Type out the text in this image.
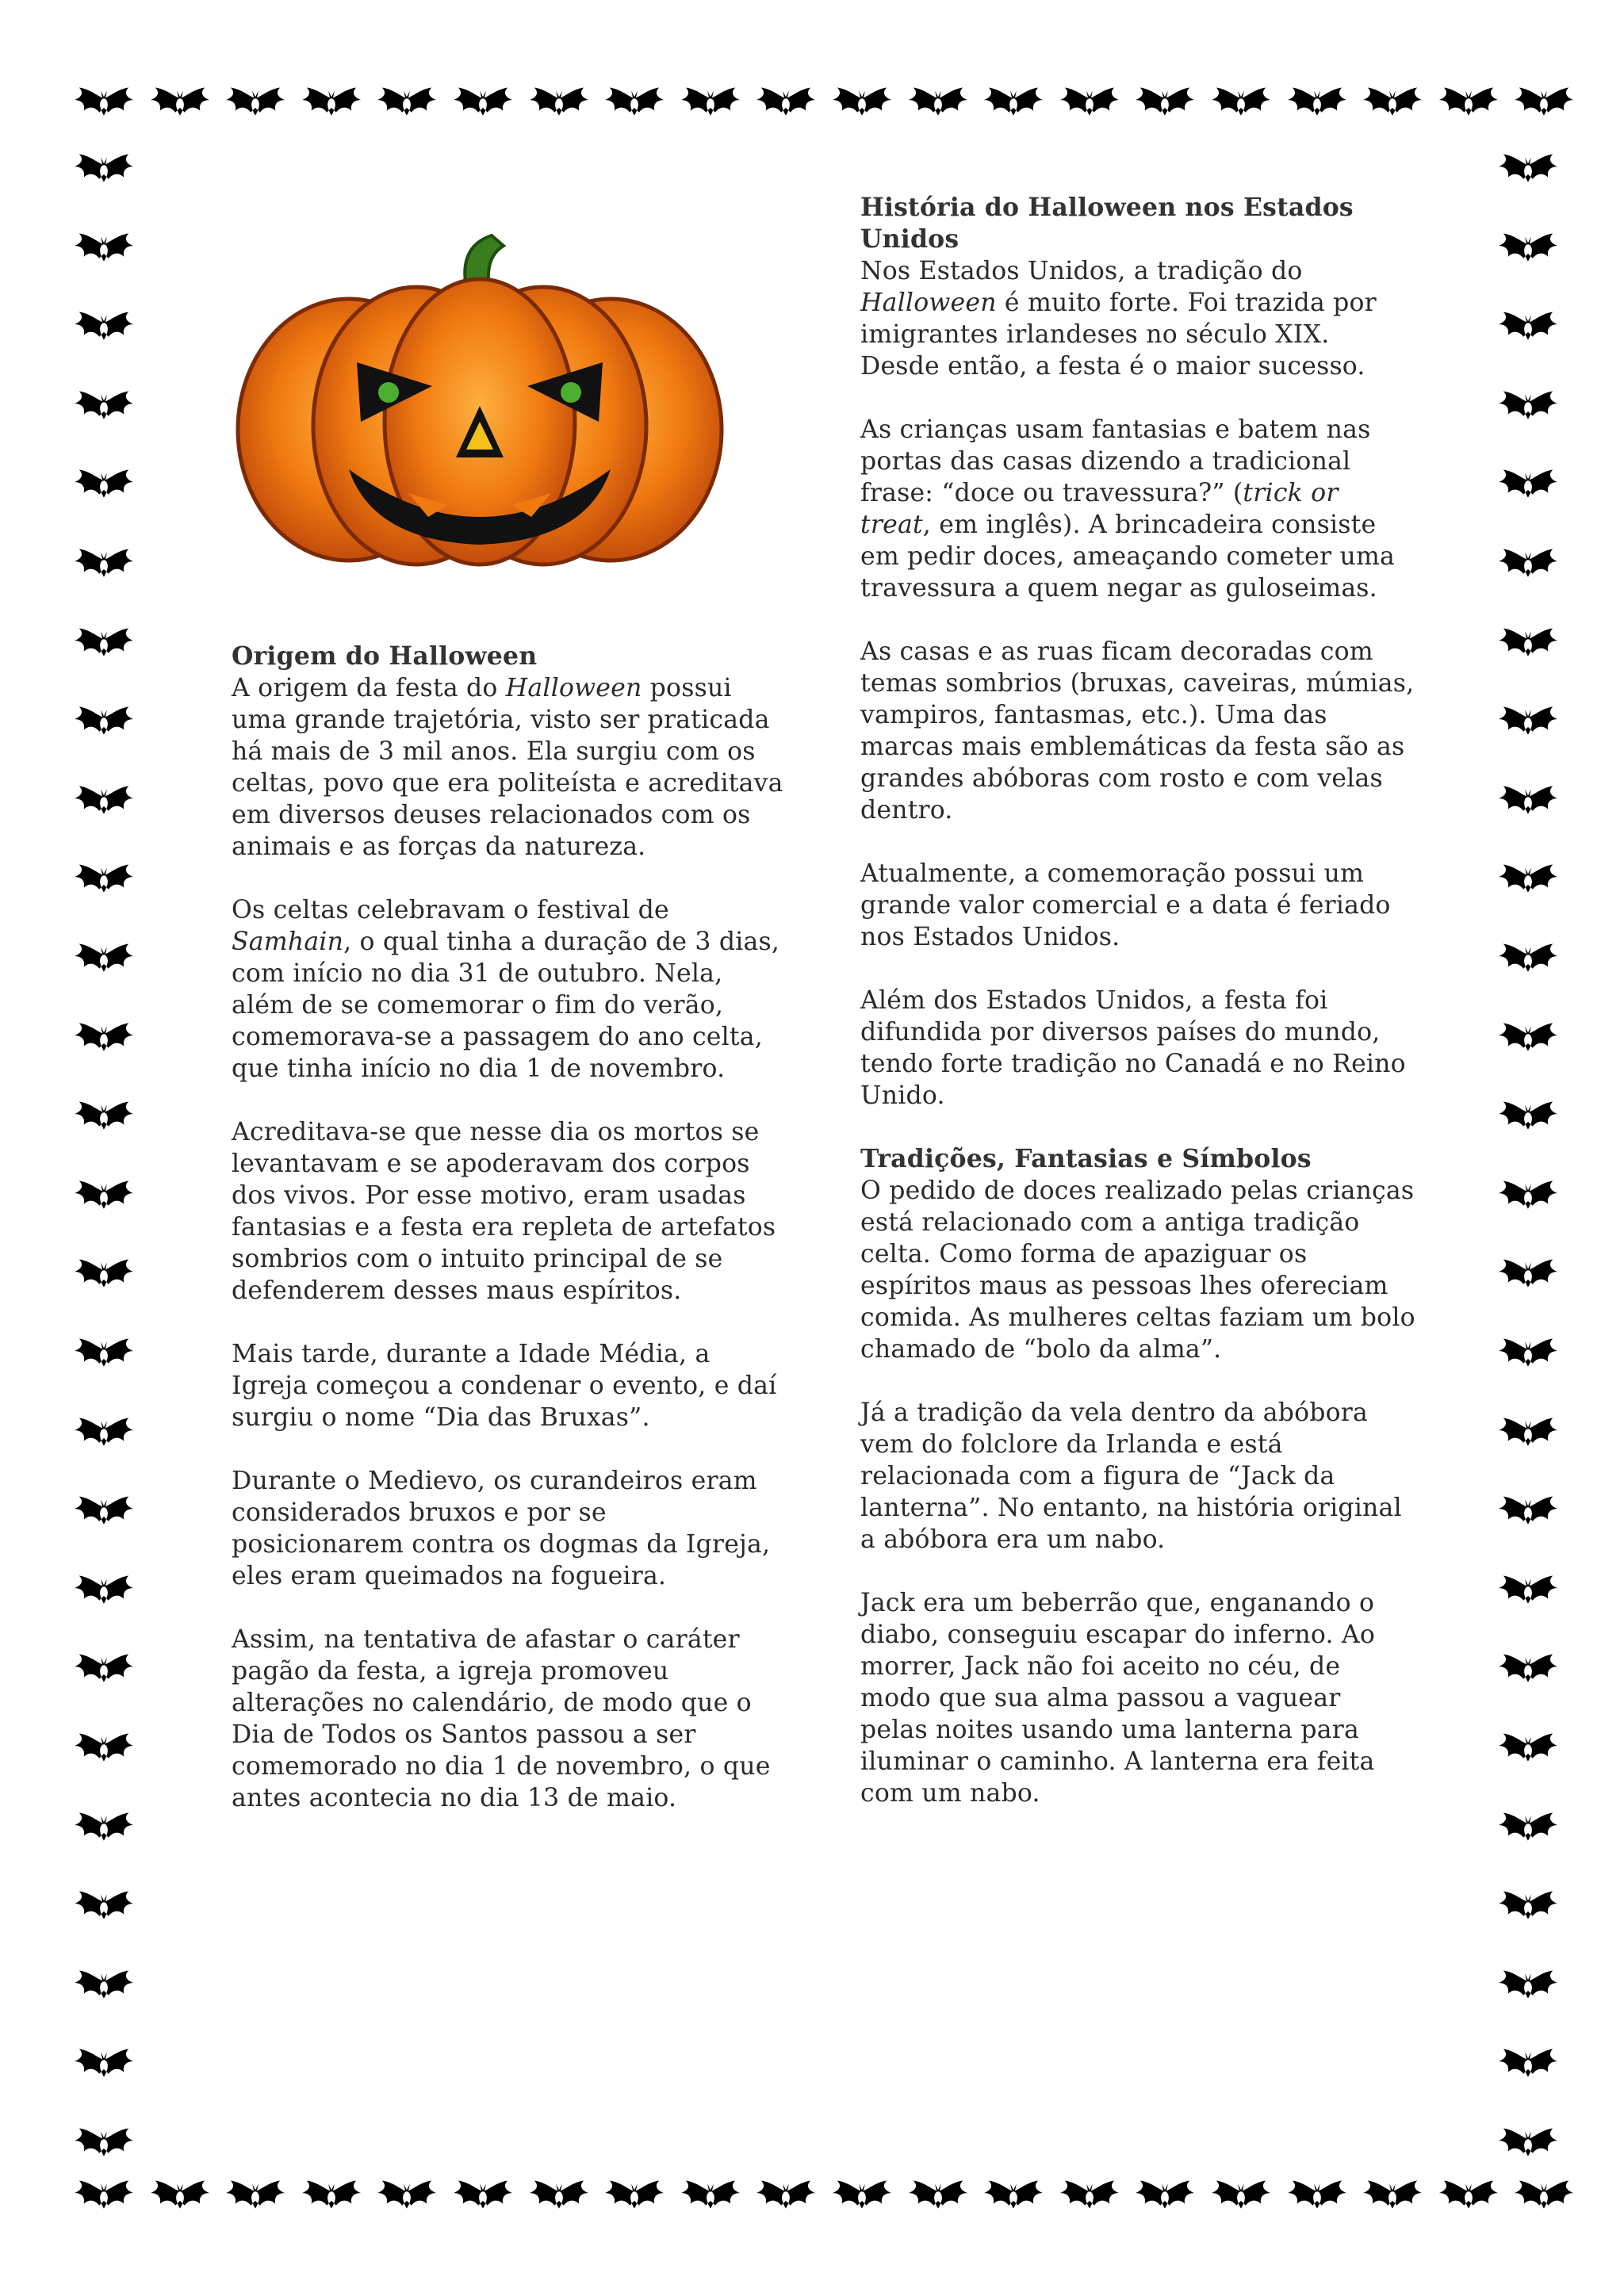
Origem do Halloween

A origem da festa do Halloween possui uma grande trajetória, visto ser praticada há mais de 3 mil anos. Ela surgiu com os celtas, povo que era politeísta e acreditava em diversos deuses relacionados com os animais e as forças da natureza.

Os celtas celebravam o festival de Samhain, o qual tinha a duração de 3 dias, com início no dia 31 de outubro. Nela, além de se comemorar o fim do verão, comemorava-se a passagem do ano celta, que tinha início no dia 1 de novembro.

Acreditava-se que nesse dia os mortos se levantavam e se apoderavam dos corpos dos vivos. Por esse motivo, eram usadas fantasias e a festa era repleta de artefatos sombrios com o intuito principal de se defenderem desses maus espíritos.

Mais tarde, durante a Idade Média, a Igreja começou a condenar o evento, e daí surgiu o nome “Dia das Bruxas”.

Durante o Medievo, os curandeiros eram considerados bruxos e por se posicionarem contra os dogmas da Igreja, eles eram queimados na fogueira.

Assim, na tentativa de afastar o caráter pagão da festa, a igreja promoveu alterações no calendário, de modo que o Dia de Todos os Santos passou a ser comemorado no dia 1 de novembro, o que antes acontecia no dia 13 de maio.

História do Halloween nos Estados Unidos

Nos Estados Unidos, a tradição do Halloween é muito forte. Foi trazida por imigrantes irlandeses no século XIX. Desde então, a festa é o maior sucesso.

As crianças usam fantasias e batem nas portas das casas dizendo a tradicional frase: “doce ou travessura?” (trick or treat, em inglês). A brincadeira consiste em pedir doces, ameaçando cometer uma travessura a quem negar as guloseimas.

As casas e as ruas ficam decoradas com temas sombrios (bruxas, caveiras, múmias, vampiros, fantasmas, etc.). Uma das marcas mais emblemáticas da festa são as grandes abóboras com rosto e com velas dentro.

Atualmente, a comemoração possui um grande valor comercial e a data é feriado nos Estados Unidos.

Além dos Estados Unidos, a festa foi difundida por diversos países do mundo, tendo forte tradição no Canadá e no Reino Unido.

Tradições, Fantasias e Símbolos

O pedido de doces realizado pelas crianças está relacionado com a antiga tradição celta. Como forma de apaziguar os espíritos maus as pessoas lhes ofereciam comida. As mulheres celtas faziam um bolo chamado de “bolo da alma”.

Já a tradição da vela dentro da abóbora vem do folclore da Irlanda e está relacionada com a figura de “Jack da lanterna”. No entanto, na história original a abóbora era um nabo.

Jack era um beberrão que, enganando o diabo, conseguiu escapar do inferno. Ao morrer, Jack não foi aceito no céu, de modo que sua alma passou a vaguear pelas noites usando uma lanterna para iluminar o caminho. A lanterna era feita com um nabo.
